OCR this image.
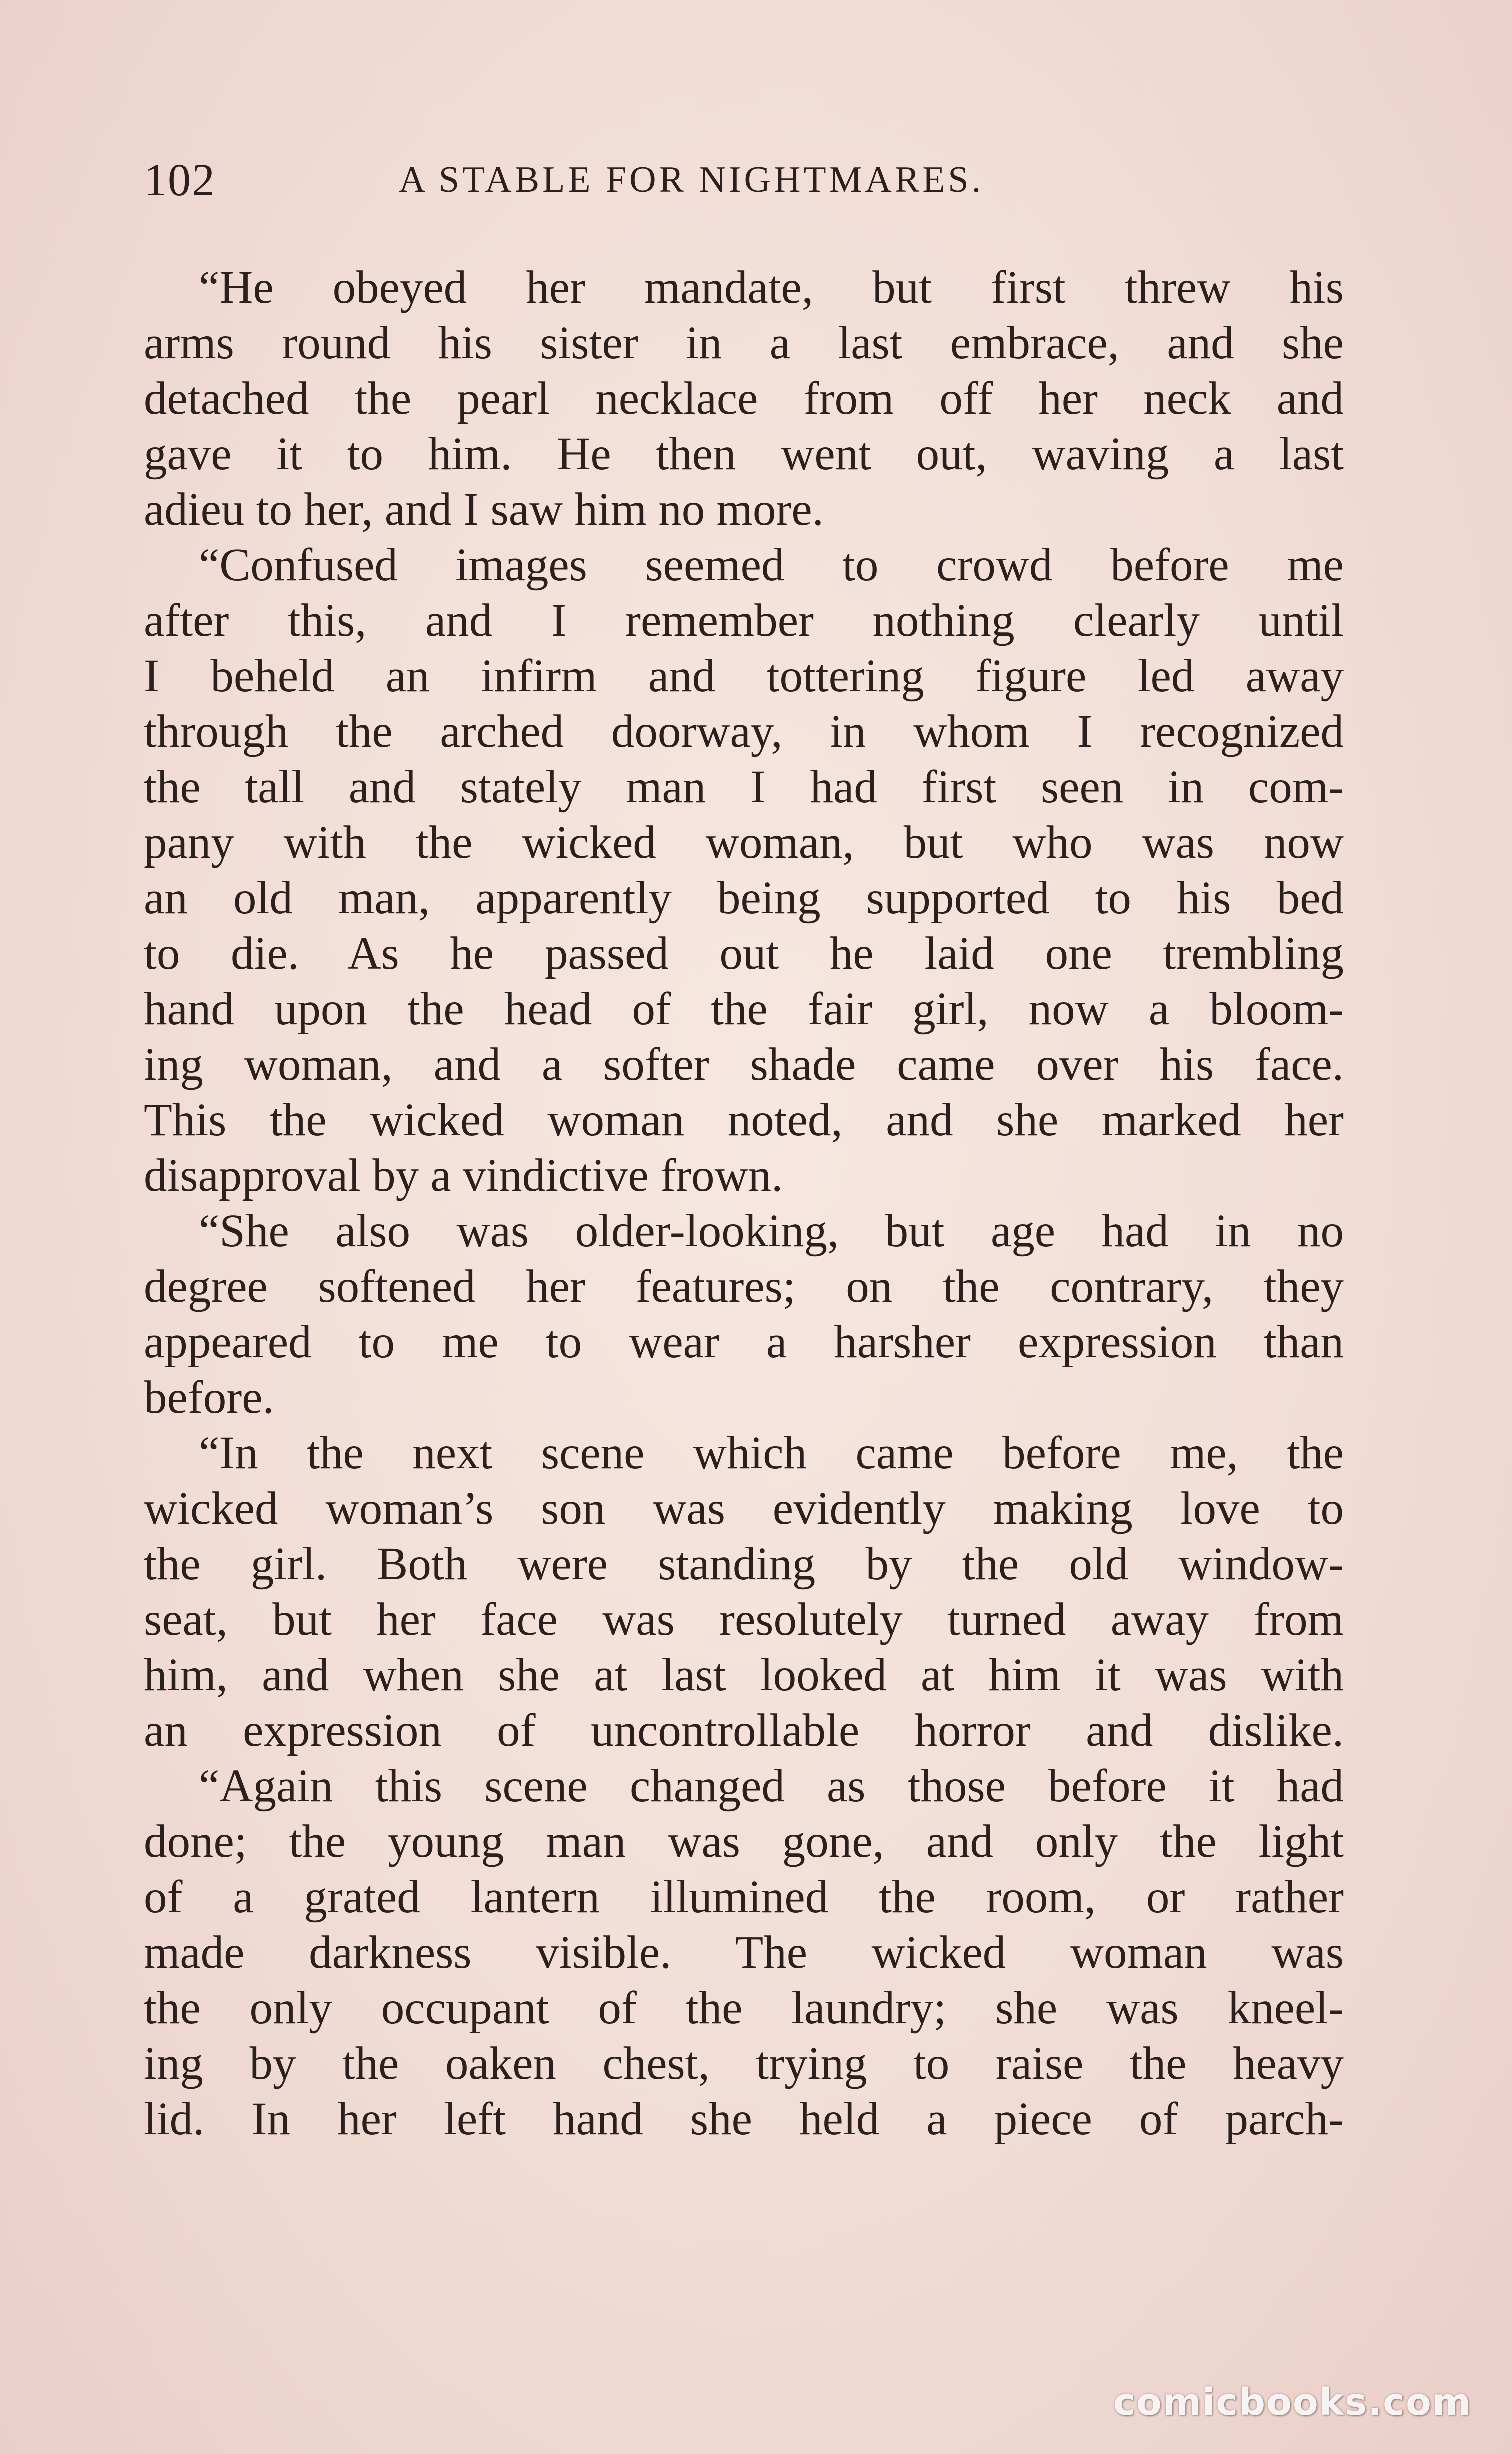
102	A STABLE FOR NIGHTMARES.
“He obeyed her mandate, but first threw his
arms round his sister in a last embrace, and she
detached the pearl necklace from off her neck and
gave it to him. He then went out, waving a last
adieu to her, and I saw him no more.
“Confused images seemed to crowd before me
after this, and I remember nothing clearly until
I beheld an infirm and tottering figure led away
through the arched doorway, in whom I recognized
the tall and stately man I had first seen in com-
pany with the wicked woman, but who was now
an old man, apparently being supported to his bed
to die. As he passed out he laid one trembling
hand upon the head of the fair girl, now a bloom-
ing woman, and a softer shade came over his face.
This the wicked woman noted, and she marked her
disapproval by a vindictive frown.
“She also was older-looking, but age had in no
degree softened her features; on the contrary, they
appeared to me to wear a harsher expression than
before.
“In the next scene which came before me, the
wicked woman’s son was evidently making love to
the girl. Both were standing by the old window-
seat, but her face was resolutely turned away from
him, and when she at last looked at him it was with
an expression of uncontrollable horror and dislike.
“Again this scene changed as those before it had
done; the young man was gone, and only the light
of a grated lantern illumined the room, or rather
made darkness visible. The wicked woman was
the only occupant of the laundry; she was kneel-
ing by the oaken chest, trying to raise the heavy
lid. In her left hand she held a piece of parch-
comicbooks.com
